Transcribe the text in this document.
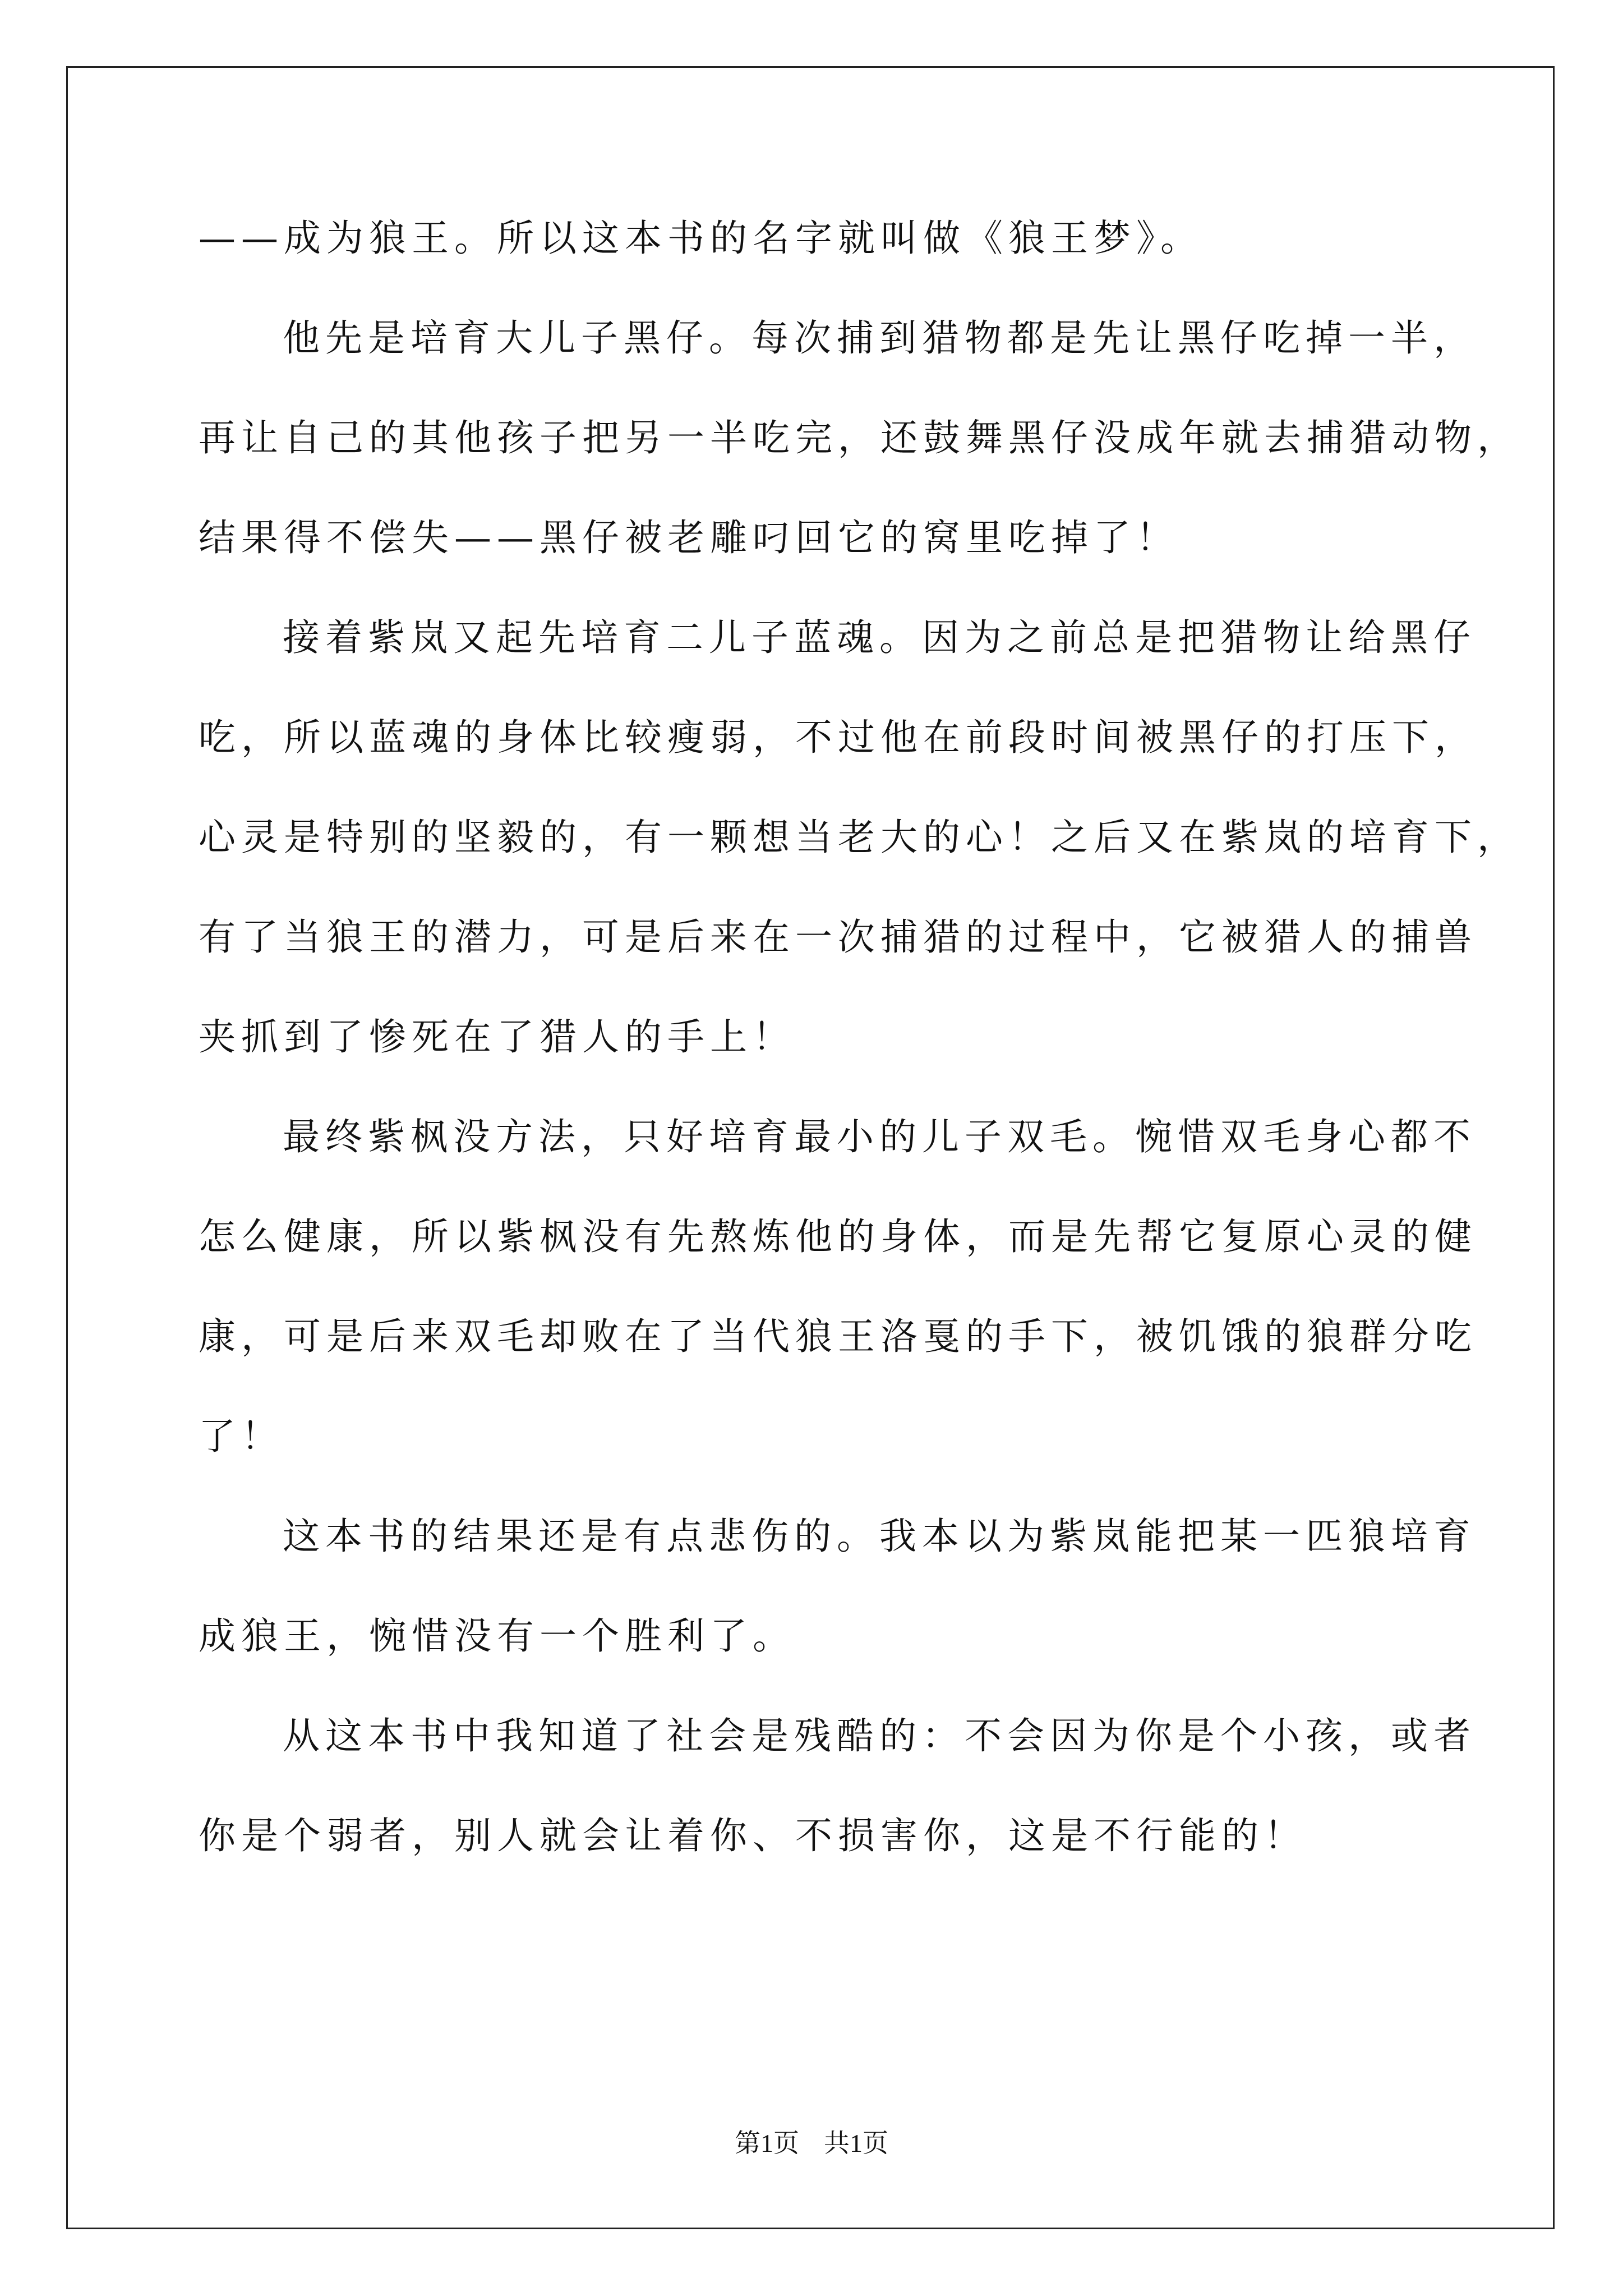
——成为狼王。所以这本书的名字就叫做《狼王梦》。
他先是培育大儿子黑仔。每次捕到猎物都是先让黑仔吃掉一半，
再让自己的其他孩子把另一半吃完，还鼓舞黑仔没成年就去捕猎动物，
结果得不偿失——黑仔被老雕叼回它的窝里吃掉了！
接着紫岚又起先培育二儿子蓝魂。因为之前总是把猎物让给黑仔
吃，所以蓝魂的身体比较瘦弱，不过他在前段时间被黑仔的打压下，
心灵是特别的坚毅的，有一颗想当老大的心！之后又在紫岚的培育下，
有了当狼王的潜力，可是后来在一次捕猎的过程中，它被猎人的捕兽
夹抓到了惨死在了猎人的手上！
最终紫枫没方法，只好培育最小的儿子双毛。惋惜双毛身心都不
怎么健康，所以紫枫没有先熬炼他的身体，而是先帮它复原心灵的健
康，可是后来双毛却败在了当代狼王洛戛的手下，被饥饿的狼群分吃
了！
这本书的结果还是有点悲伤的。我本以为紫岚能把某一匹狼培育
成狼王，惋惜没有一个胜利了。
从这本书中我知道了社会是残酷的：不会因为你是个小孩，或者
你是个弱者，别人就会让着你、不损害你，这是不行能的！
第1页 共1页
